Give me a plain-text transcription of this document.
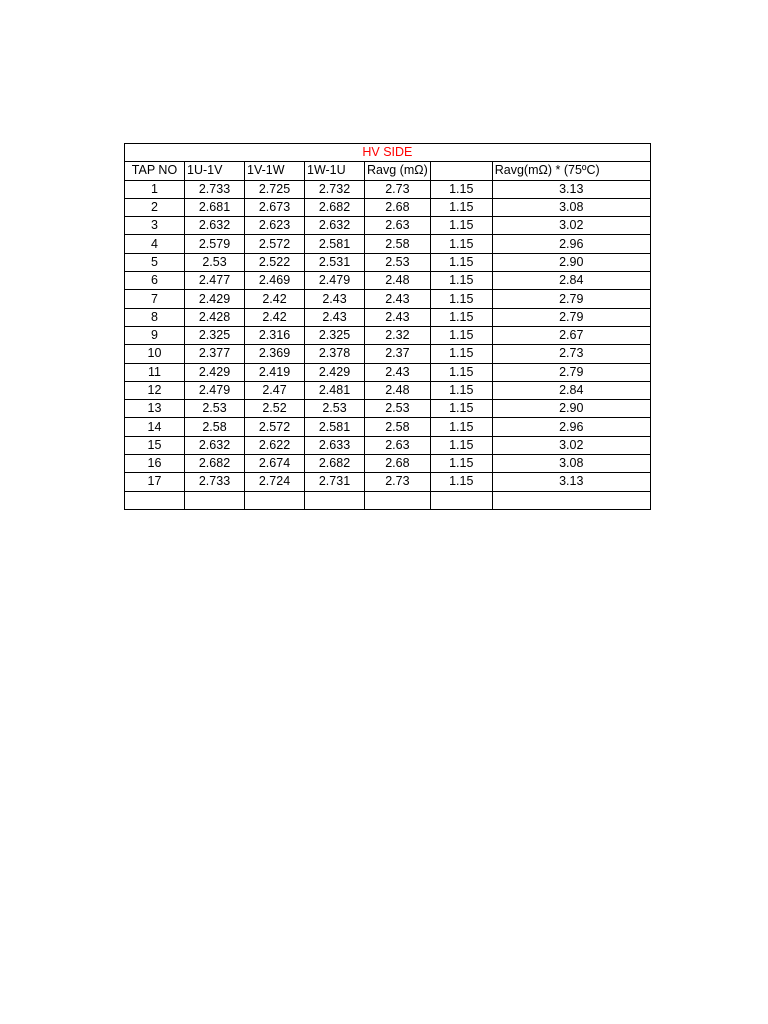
HV SIDE						
TAP NO	1U-1V	1V-1W	1W-1U	Ravg (mΩ)		Ravg(mΩ) * (75ºC)
1	2.733	2.725	2.732	2.73	1.15	3.13
2	2.681	2.673	2.682	2.68	1.15	3.08
3	2.632	2.623	2.632	2.63	1.15	3.02
4	2.579	2.572	2.581	2.58	1.15	2.96
5	2.53	2.522	2.531	2.53	1.15	2.90
6	2.477	2.469	2.479	2.48	1.15	2.84
7	2.429	2.42	2.43	2.43	1.15	2.79
8	2.428	2.42	2.43	2.43	1.15	2.79
9	2.325	2.316	2.325	2.32	1.15	2.67
10	2.377	2.369	2.378	2.37	1.15	2.73
11	2.429	2.419	2.429	2.43	1.15	2.79
12	2.479	2.47	2.481	2.48	1.15	2.84
13	2.53	2.52	2.53	2.53	1.15	2.90
14	2.58	2.572	2.581	2.58	1.15	2.96
15	2.632	2.622	2.633	2.63	1.15	3.02
16	2.682	2.674	2.682	2.68	1.15	3.08
17	2.733	2.724	2.731	2.73	1.15	3.13
